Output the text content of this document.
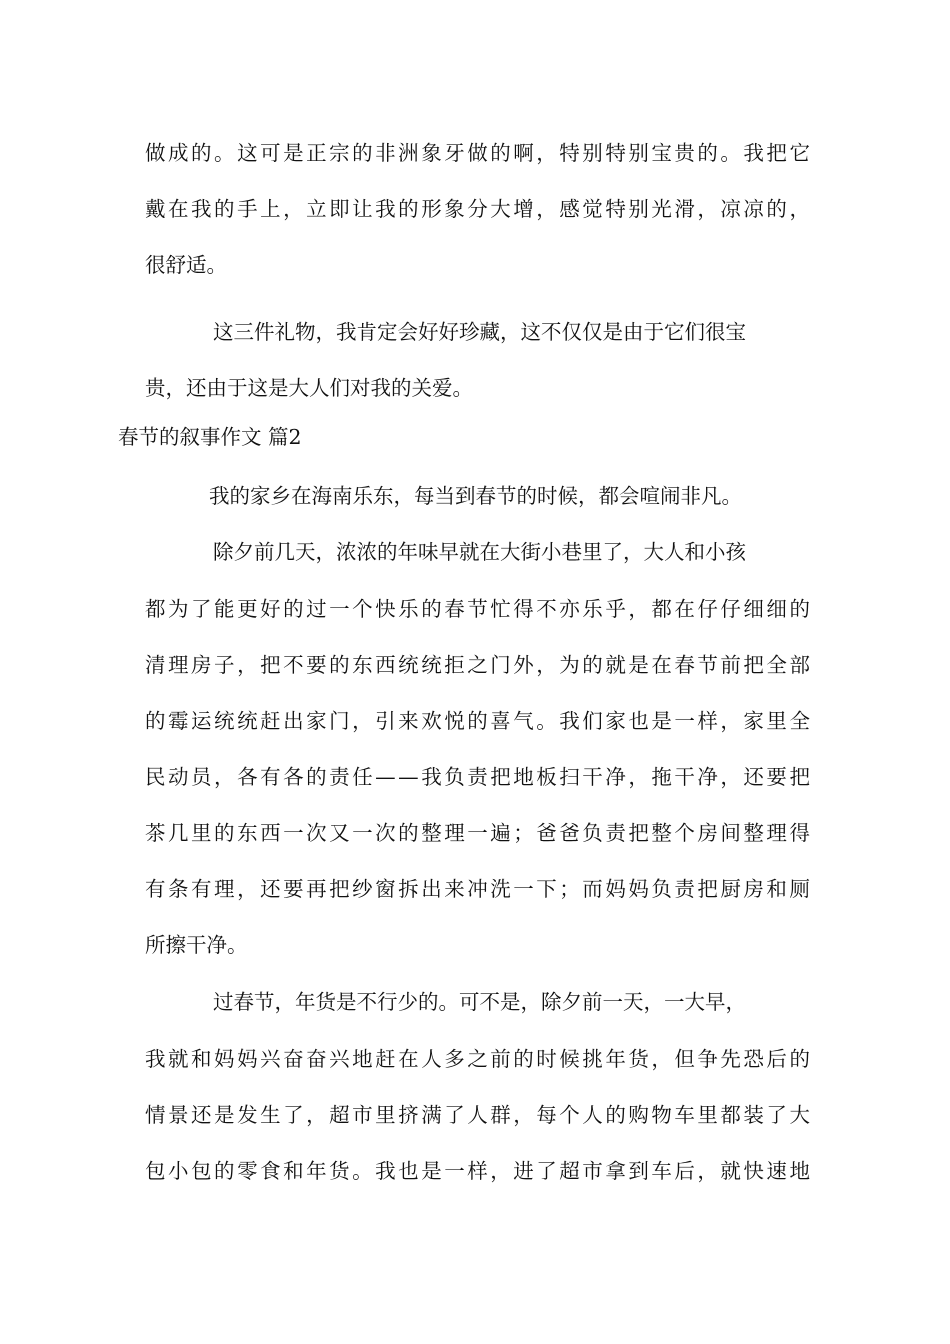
做 成 的 。 这 可 是 正 宗 的 非 洲 象 牙 做 的 啊 ， 特 别 特 别 宝 贵 的 。 我 把 它
戴 在 我 的 手 上 ， 立 即 让 我 的 形 象 分 大 增 ， 感 觉 特 别 光 滑 ， 凉 凉 的 ，
很舒适。
这三件礼物，我肯定会好好珍藏，这不仅仅是由于它们很宝
贵，还由于这是大人们对我的关爱。
春节的叙事作文 篇2
我的家乡在海南乐东，每当到春节的时候，都会喧闹非凡。
除夕前几天，浓浓的年味早就在大街小巷里了，大人和小孩
都 为 了 能 更 好 的 过 一 个 快 乐 的 春 节 忙 得 不 亦 乐 乎 ， 都 在 仔 仔 细 细 的
清 理 房 子 ， 把 不 要 的 东 西 统 统 拒 之 门 外 ， 为 的 就 是 在 春 节 前 把 全 部
的 霉 运 统 统 赶 出 家 门 ， 引 来 欢 悦 的 喜 气 。 我 们 家 也 是 一 样 ， 家 里 全
民 动 员 ， 各 有 各 的 责 任 — — 我 负 责 把 地 板 扫 干 净 ， 拖 干 净 ， 还 要 把
茶 几 里 的 东 西 一 次 又 一 次 的 整 理 一 遍 ； 爸 爸 负 责 把 整 个 房 间 整 理 得
有 条 有 理 ， 还 要 再 把 纱 窗 拆 出 来 冲 洗 一 下 ； 而 妈 妈 负 责 把 厨 房 和 厕
所擦干净。
过春节，年货是不行少的。可不是，除夕前一天，一大早，
我 就 和 妈 妈 兴 奋 奋 兴 地 赶 在 人 多 之 前 的 时 候 挑 年 货 ， 但 争 先 恐 后 的
情 景 还 是 发 生 了 ， 超 市 里 挤 满 了 人 群 ， 每 个 人 的 购 物 车 里 都 装 了 大
包 小 包 的 零 食 和 年 货 。 我 也 是 一 样 ， 进 了 超 市 拿 到 车 后 ， 就 快 速 地
